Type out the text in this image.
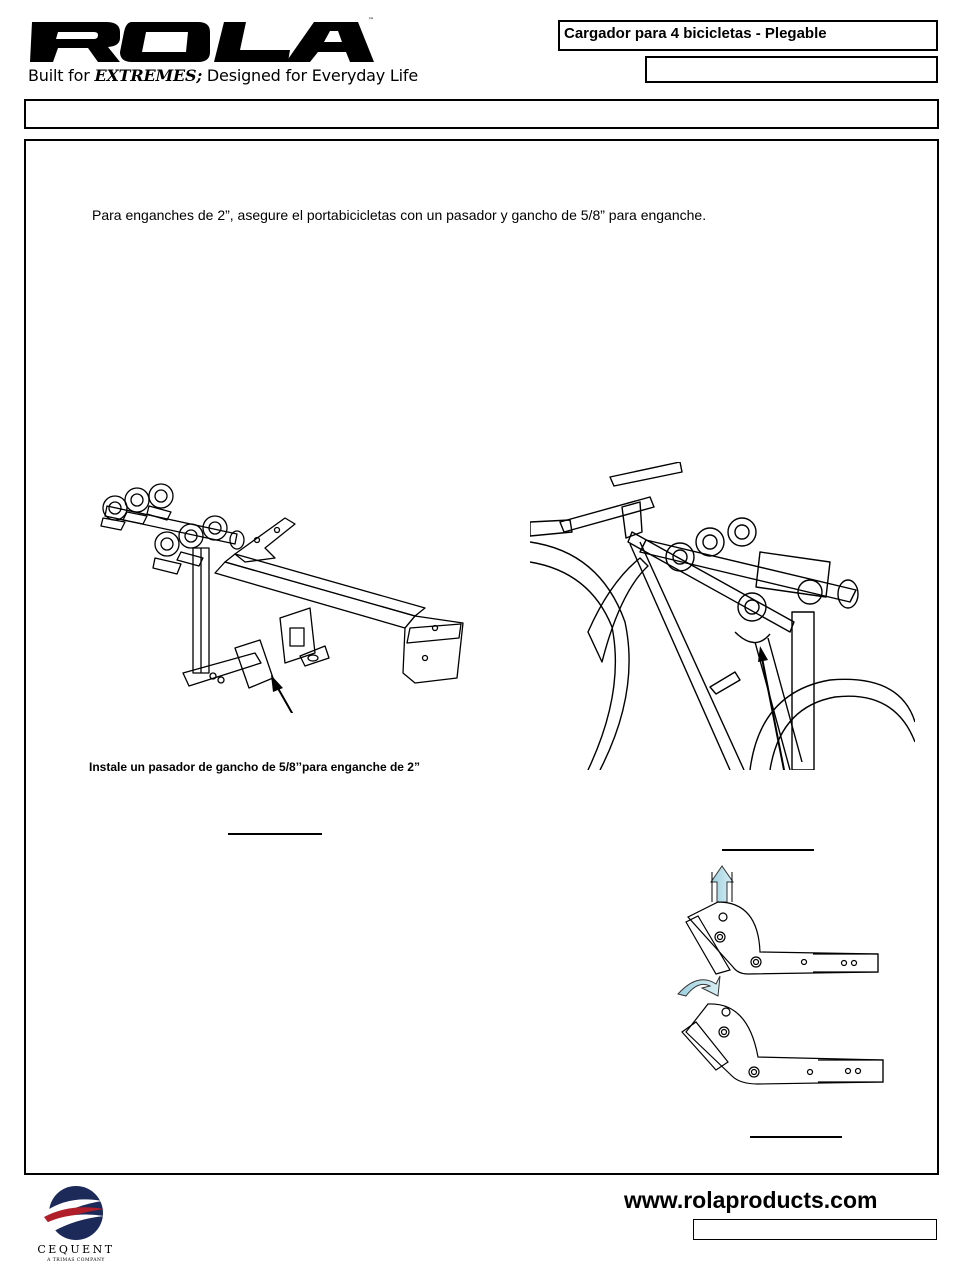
™
Built for EXTREMES; Designed for Everyday Life
Cargador para 4 bicicletas - Plegable
Para enganches de 2”, asegure el portabicicletas con un pasador y gancho de 5/8” para enganche.
Instale un pasador de gancho de 5/8’’para enganche de 2”
CEQUENT
A TRIMAS COMPANY
www.rolaproducts.com
